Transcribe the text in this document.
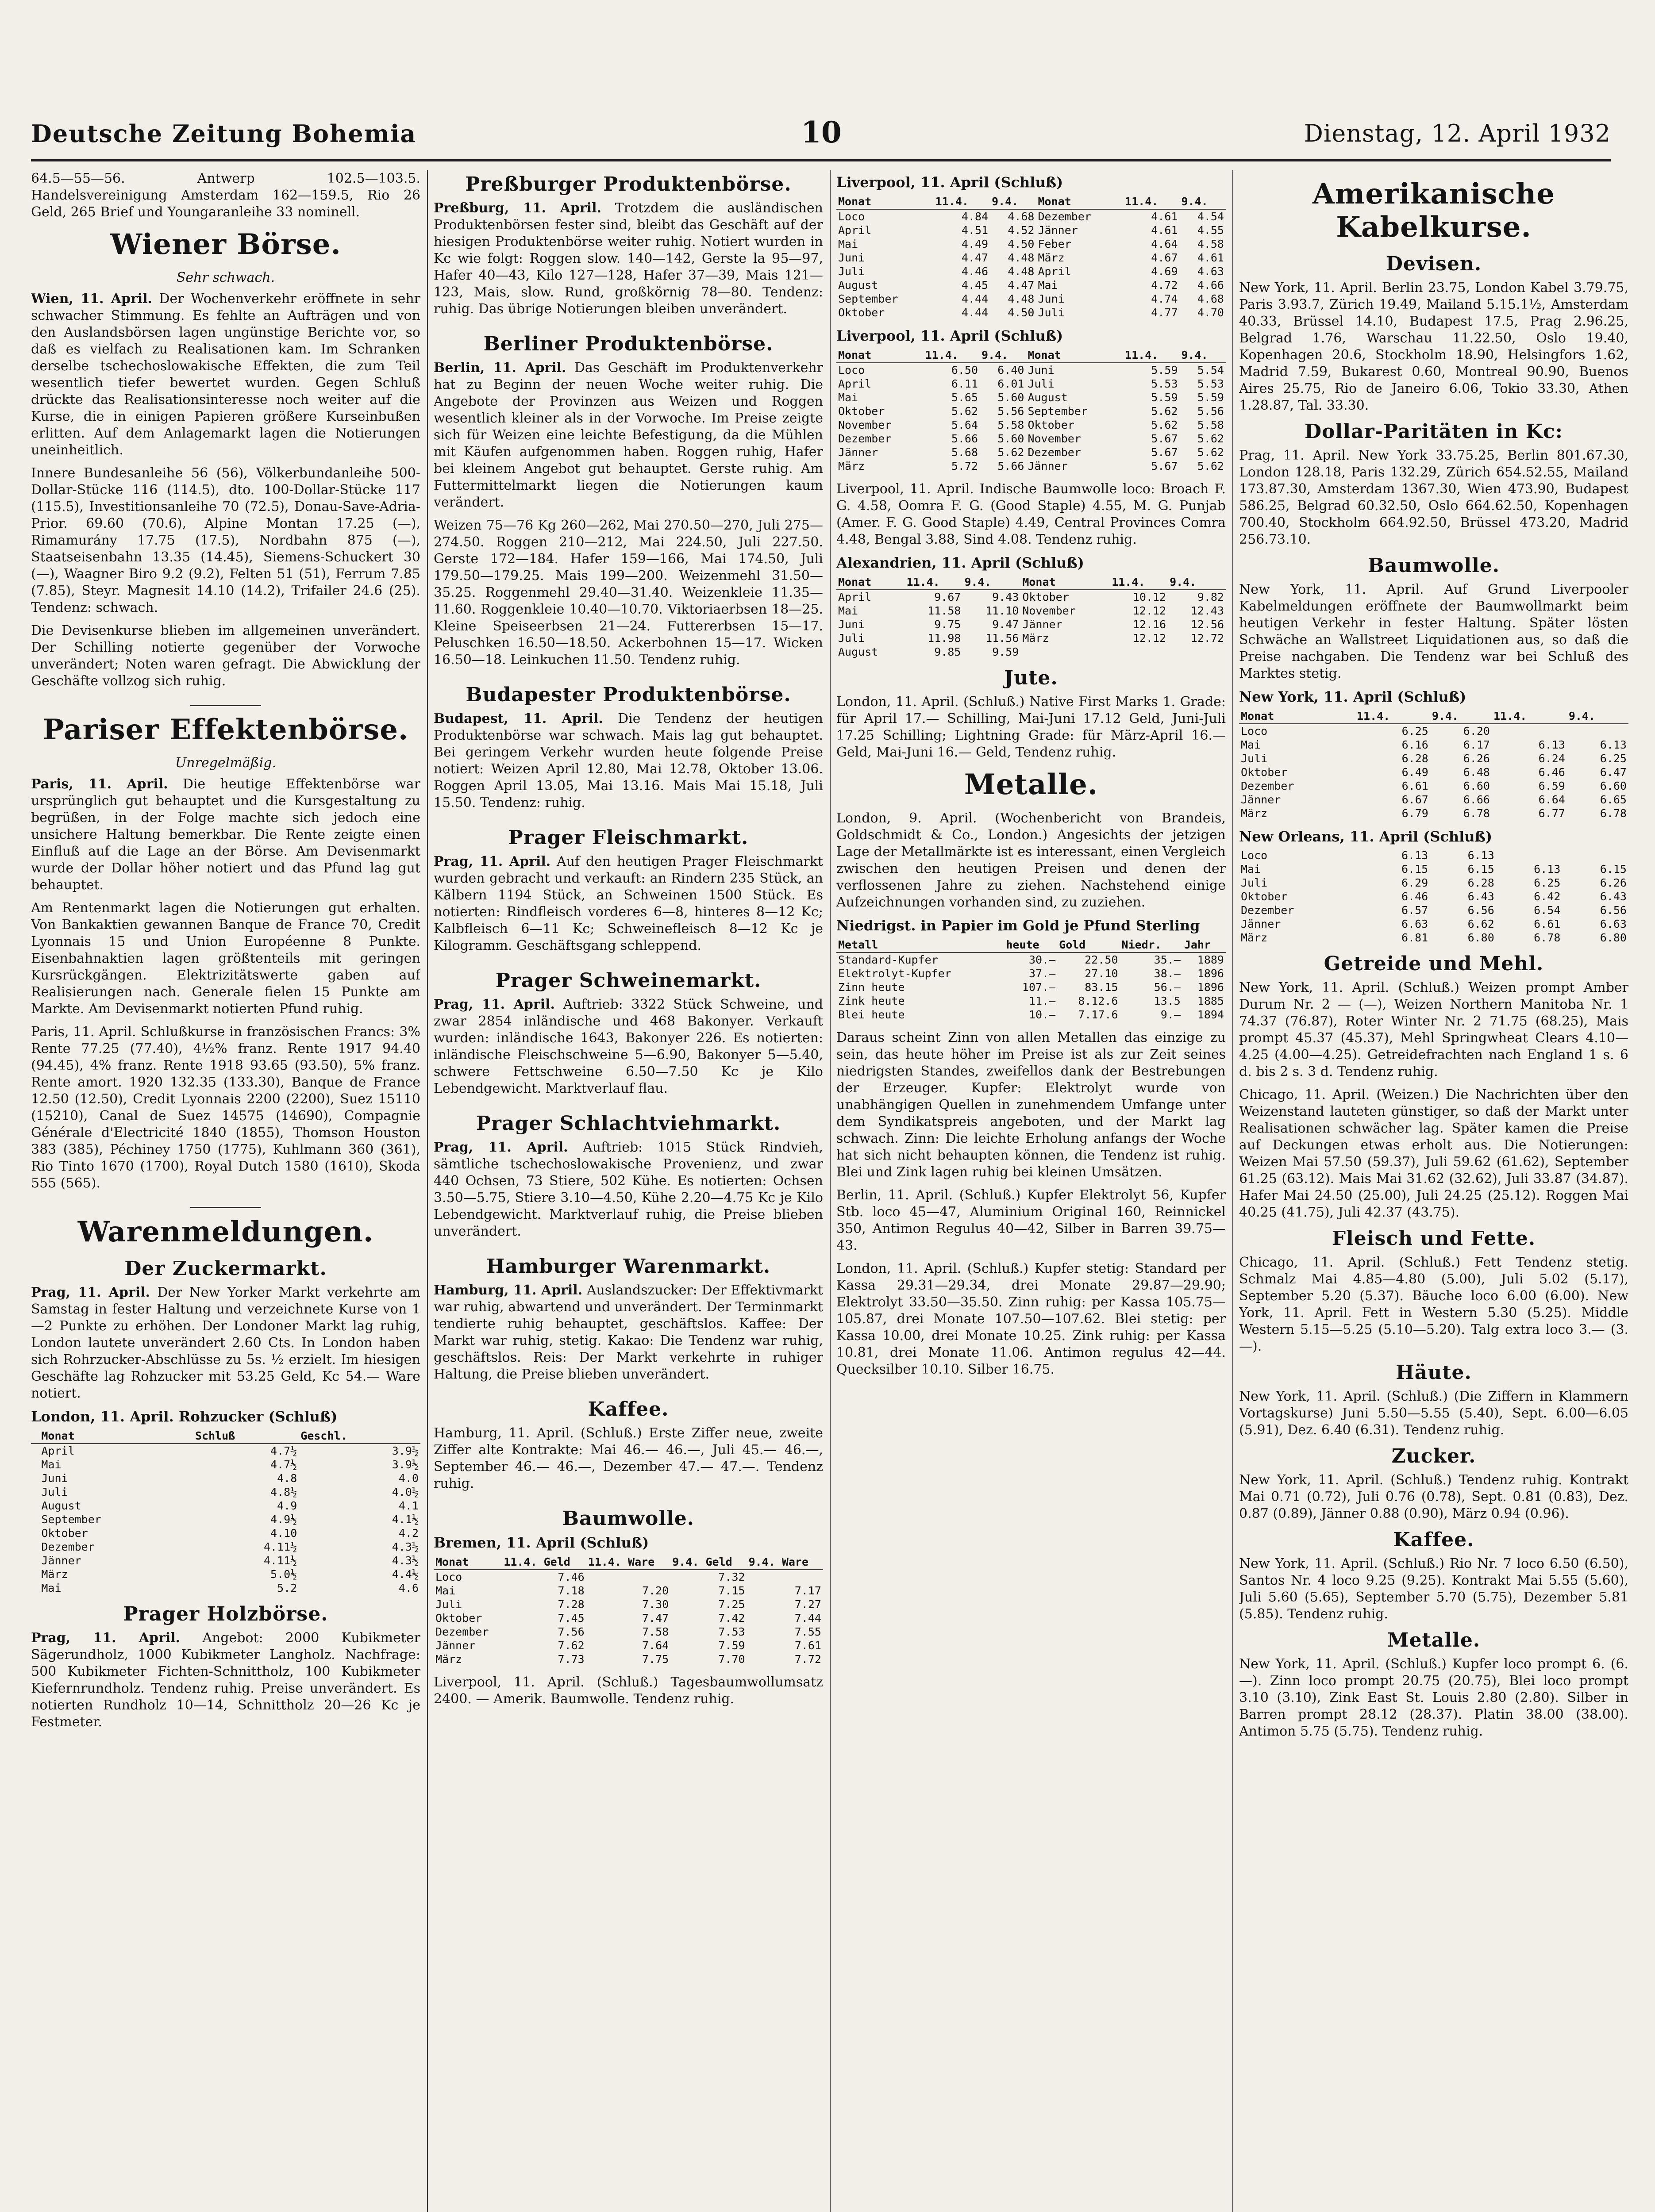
Deutsche Zeitung Bohemia	10	Dienstag, 12. April 1932

64.5—55—56. Antwerp 102.5—103.5. Handelsvereinigung Amsterdam 162—159.5, Rio 26 Geld, 265 Brief und Youngaranleihe 33 nominell.

Wiener Börse.
Sehr schwach.

Wien, 11. April. Der Wochenverkehr eröffnete in sehr schwacher Stimmung. Es fehlte an Aufträgen und von den Auslandsbörsen lagen ungünstige Berichte vor, so daß es vielfach zu Realisationen kam. Im Schranken derselbe tschechoslowakische Effekten, die zum Teil wesentlich tiefer bewertet wurden. Gegen Schluß drückte das Realisationsinteresse noch weiter auf die Kurse, die in einigen Papieren größere Kurseinbußen erlitten. Auf dem Anlagemarkt lagen die Notierungen uneinheitlich.

Innere Bundesanleihe 56 (56), Völkerbundanleihe 500-Dollar-Stücke 116 (114.5), dto. 100-Dollar-Stücke 117 (115.5), Investitionsanleihe 70 (72.5), Donau-Save-Adria-Prior. 69.60 (70.6), Alpine Montan 17.25 (—), Rimamurány 17.75 (17.5), Nordbahn 875 (—), Staatseisenbahn 13.35 (14.45), Siemens-Schuckert 30 (—), Waagner Biro 9.2 (9.2), Felten 51 (51), Ferrum 7.85 (7.85), Steyr. Magnesit 14.10 (14.2), Trifailer 24.6 (25). Tendenz: schwach.

Die Devisenkurse blieben im allgemeinen unverändert. Der Schilling notierte gegenüber der Vorwoche unverändert; Noten waren gefragt. Die Abwicklung der Geschäfte vollzog sich ruhig.

Pariser Effektenbörse.
Unregelmäßig.

Paris, 11. April. Die heutige Effektenbörse war ursprünglich gut behauptet und die Kursgestaltung zu begrüßen, in der Folge machte sich jedoch eine unsichere Haltung bemerkbar. Die Rente zeigte einen Einfluß auf die Lage an der Börse. Am Devisenmarkt wurde der Dollar höher notiert und das Pfund lag gut behauptet.

Am Rentenmarkt lagen die Notierungen gut erhalten. Von Bankaktien gewannen Banque de France 70, Credit Lyonnais 15 und Union Européenne 8 Punkte. Eisenbahnaktien lagen größtenteils mit geringen Kursrückgängen. Elektrizitätswerte gaben auf Realisierungen nach. Generale fielen 15 Punkte am Markte. Am Devisenmarkt notierten Pfund ruhig.

Paris, 11. April. Schlußkurse in französischen Francs: 3% Rente 77.25 (77.40), 4½% franz. Rente 1917 94.40 (94.45), 4% franz. Rente 1918 93.65 (93.50), 5% franz. Rente amort. 1920 132.35 (133.30), Banque de France 12.50 (12.50), Credit Lyonnais 2200 (2200), Suez 15110 (15210), Canal de Suez 14575 (14690), Compagnie Générale d'Electricité 1840 (1855), Thomson Houston 383 (385), Péchiney 1750 (1775), Kuhlmann 360 (361), Rio Tinto 1670 (1700), Royal Dutch 1580 (1610), Skoda 555 (565).

Warenmeldungen.
Der Zuckermarkt.

Prag, 11. April. Der New Yorker Markt verkehrte am Samstag in fester Haltung und verzeichnete Kurse von 1—2 Punkte zu erhöhen. Der Londoner Markt lag ruhig, London lautete unverändert 2.60 Cts. In London haben sich Rohrzucker-Abschlüsse zu 5s. ½ erzielt. Im hiesigen Geschäfte lag Rohzucker mit 53.25 Geld, Kc 54.— Ware notiert.

London, 11. April. Rohzucker (Schluß)
	Monat	Schluß	Geschl.
	April	4.7½	3.9½
	Mai	4.7½	3.9½
	Juni	4.8	4.0
	Juli	4.8½	4.0½
	August	4.9	4.1
	September	4.9½	4.1½
	Oktober	4.10	4.2
	Dezember	4.11½	4.3½
	Jänner	4.11½	4.3½
	März	5.0½	4.4½
	Mai	5.2	4.6
Prager Holzbörse.

Prag, 11. April. Angebot: 2000 Kubikmeter Sägerundholz, 1000 Kubikmeter Langholz. Nachfrage: 500 Kubikmeter Fichten-Schnittholz, 100 Kubikmeter Kiefernrundholz. Tendenz ruhig. Preise unverändert. Es notierten Rundholz 10—14, Schnittholz 20—26 Kc je Festmeter.

Preßburger Produktenbörse.

Preßburg, 11. April. Trotzdem die ausländischen Produktenbörsen fester sind, bleibt das Geschäft auf der hiesigen Produktenbörse weiter ruhig. Notiert wurden in Kc wie folgt: Roggen slow. 140—142, Gerste la 95—97, Hafer 40—43, Kilo 127—128, Hafer 37—39, Mais 121—123, Mais, slow. Rund, großkörnig 78—80. Tendenz: ruhig. Das übrige Notierungen bleiben unverändert.

Berliner Produktenbörse.

Berlin, 11. April. Das Geschäft im Produktenverkehr hat zu Beginn der neuen Woche weiter ruhig. Die Angebote der Provinzen aus Weizen und Roggen wesentlich kleiner als in der Vorwoche. Im Preise zeigte sich für Weizen eine leichte Befestigung, da die Mühlen mit Käufen aufgenommen haben. Roggen ruhig, Hafer bei kleinem Angebot gut behauptet. Gerste ruhig. Am Futtermittelmarkt liegen die Notierungen kaum verändert.

Weizen 75—76 Kg 260—262, Mai 270.50—270, Juli 275—274.50. Roggen 210—212, Mai 224.50, Juli 227.50. Gerste 172—184. Hafer 159—166, Mai 174.50, Juli 179.50—179.25. Mais 199—200. Weizenmehl 31.50—35.25. Roggenmehl 29.40—31.40. Weizenkleie 11.35—11.60. Roggenkleie 10.40—10.70. Viktoriaerbsen 18—25. Kleine Speiseerbsen 21—24. Futtererbsen 15—17. Peluschken 16.50—18.50. Ackerbohnen 15—17. Wicken 16.50—18. Leinkuchen 11.50. Tendenz ruhig.

Budapester Produktenbörse.

Budapest, 11. April. Die Tendenz der heutigen Produktenbörse war schwach. Mais lag gut behauptet. Bei geringem Verkehr wurden heute folgende Preise notiert: Weizen April 12.80, Mai 12.78, Oktober 13.06. Roggen April 13.05, Mai 13.16. Mais Mai 15.18, Juli 15.50. Tendenz: ruhig.

Prager Fleischmarkt.

Prag, 11. April. Auf den heutigen Prager Fleischmarkt wurden gebracht und verkauft: an Rindern 235 Stück, an Kälbern 1194 Stück, an Schweinen 1500 Stück. Es notierten: Rindfleisch vorderes 6—8, hinteres 8—12 Kc; Kalbfleisch 6—11 Kc; Schweinefleisch 8—12 Kc je Kilogramm. Geschäftsgang schleppend.

Prager Schweinemarkt.

Prag, 11. April. Auftrieb: 3322 Stück Schweine, und zwar 2854 inländische und 468 Bakonyer. Verkauft wurden: inländische 1643, Bakonyer 226. Es notierten: inländische Fleischschweine 5—6.90, Bakonyer 5—5.40, schwere Fettschweine 6.50—7.50 Kc je Kilo Lebendgewicht. Marktverlauf flau.

Prager Schlachtviehmarkt.

Prag, 11. April. Auftrieb: 1015 Stück Rindvieh, sämtliche tschechoslowakische Provenienz, und zwar 440 Ochsen, 73 Stiere, 502 Kühe. Es notierten: Ochsen 3.50—5.75, Stiere 3.10—4.50, Kühe 2.20—4.75 Kc je Kilo Lebendgewicht. Marktverlauf ruhig, die Preise blieben unverändert.

Hamburger Warenmarkt.

Hamburg, 11. April. Auslandszucker: Der Effektivmarkt war ruhig, abwartend und unverändert. Der Terminmarkt tendierte ruhig behauptet, geschäftslos. Kaffee: Der Markt war ruhig, stetig. Kakao: Die Tendenz war ruhig, geschäftslos. Reis: Der Markt verkehrte in ruhiger Haltung, die Preise blieben unverändert.

Kaffee.

Hamburg, 11. April. (Schluß.) Erste Ziffer neue, zweite Ziffer alte Kontrakte: Mai 46.— 46.—, Juli 45.— 46.—, September 46.— 46.—, Dezember 47.— 47.—. Tendenz ruhig.

Baumwolle.
Bremen, 11. April (Schluß)
Monat	11.4. Geld	11.4. Ware	9.4. Geld	9.4. Ware
Loco	7.46		7.32	
Mai	7.18	7.20	7.15	7.17
Juli	7.28	7.30	7.25	7.27
Oktober	7.45	7.47	7.42	7.44
Dezember	7.56	7.58	7.53	7.55
Jänner	7.62	7.64	7.59	7.61
März	7.73	7.75	7.70	7.72

Liverpool, 11. April. (Schluß.) Tagesbaumwollumsatz 2400. — Amerik. Baumwolle. Tendenz ruhig.

Liverpool, 11. April (Schluß)
Monat	11.4.	9.4.	Monat	11.4.	9.4.
Loco	4.84	4.68	Dezember	4.61	4.54
April	4.51	4.52	Jänner	4.61	4.55
Mai	4.49	4.50	Feber	4.64	4.58
Juni	4.47	4.48	März	4.67	4.61
Juli	4.46	4.48	April	4.69	4.63
August	4.45	4.47	Mai	4.72	4.66
September	4.44	4.48	Juni	4.74	4.68
Oktober	4.44	4.50	Juli	4.77	4.70
Liverpool, 11. April (Schluß)
Monat	11.4.	9.4.	Monat	11.4.	9.4.
Loco	6.50	6.40	Juni	5.59	5.54
April	6.11	6.01	Juli	5.53	5.53
Mai	5.65	5.60	August	5.59	5.59
Oktober	5.62	5.56	September	5.62	5.56
November	5.64	5.58	Oktober	5.62	5.58
Dezember	5.66	5.60	November	5.67	5.62
Jänner	5.68	5.62	Dezember	5.67	5.62
März	5.72	5.66	Jänner	5.67	5.62

Liverpool, 11. April. Indische Baumwolle loco: Broach F. G. 4.58, Oomra F. G. (Good Staple) 4.55, M. G. Punjab (Amer. F. G. Good Staple) 4.49, Central Provinces Comra 4.48, Bengal 3.88, Sind 4.08. Tendenz ruhig.

Alexandrien, 11. April (Schluß)
Monat	11.4.	9.4.	Monat	11.4.	9.4.
April	9.67	9.43	Oktober	10.12	9.82
Mai	11.58	11.10	November	12.12	12.43
Juni	9.75	9.47	Jänner	12.16	12.56
Juli	11.98	11.56	März	12.12	12.72
August	9.85	9.59			
Jute.

London, 11. April. (Schluß.) Native First Marks 1. Grade: für April 17.— Schilling, Mai-Juni 17.12 Geld, Juni-Juli 17.25 Schilling; Lightning Grade: für März-April 16.— Geld, Mai-Juni 16.— Geld, Tendenz ruhig.

Metalle.

London, 9. April. (Wochenbericht von Brandeis, Goldschmidt & Co., London.) Angesichts der jetzigen Lage der Metallmärkte ist es interessant, einen Vergleich zwischen den heutigen Preisen und denen der verflossenen Jahre zu ziehen. Nachstehend einige Aufzeichnungen vorhanden sind, zu zuziehen.

Niedrigst. in Papier im Gold je Pfund Sterling
Metall	heute	Gold	Niedr.	Jahr
Standard-Kupfer	30.—	22.50	35.—	1889
Elektrolyt-Kupfer	37.—	27.10	38.—	1896
Zinn heute	107.—	83.15	56.—	1896
Zink heute	11.—	8.12.6	13.5	1885
Blei heute	10.—	7.17.6	9.—	1894

Daraus scheint Zinn von allen Metallen das einzige zu sein, das heute höher im Preise ist als zur Zeit seines niedrigsten Standes, zweifellos dank der Bestrebungen der Erzeuger. Kupfer: Elektrolyt wurde von unabhängigen Quellen in zunehmendem Umfange unter dem Syndikatspreis angeboten, und der Markt lag schwach. Zinn: Die leichte Erholung anfangs der Woche hat sich nicht behaupten können, die Tendenz ist ruhig. Blei und Zink lagen ruhig bei kleinen Umsätzen.

Berlin, 11. April. (Schluß.) Kupfer Elektrolyt 56, Kupfer Stb. loco 45—47, Aluminium Original 160, Reinnickel 350, Antimon Regulus 40—42, Silber in Barren 39.75—43.

London, 11. April. (Schluß.) Kupfer stetig: Standard per Kassa 29.31—29.34, drei Monate 29.87—29.90; Elektrolyt 33.50—35.50. Zinn ruhig: per Kassa 105.75—105.87, drei Monate 107.50—107.62. Blei stetig: per Kassa 10.00, drei Monate 10.25. Zink ruhig: per Kassa 10.81, drei Monate 11.06. Antimon regulus 42—44. Quecksilber 10.10. Silber 16.75.

Amerikanische Kabelkurse.
Devisen.

New York, 11. April. Berlin 23.75, London Kabel 3.79.75, Paris 3.93.7, Zürich 19.49, Mailand 5.15.1½, Amsterdam 40.33, Brüssel 14.10, Budapest 17.5, Prag 2.96.25, Belgrad 1.76, Warschau 11.22.50, Oslo 19.40, Kopenhagen 20.6, Stockholm 18.90, Helsingfors 1.62, Madrid 7.59, Bukarest 0.60, Montreal 90.90, Buenos Aires 25.75, Rio de Janeiro 6.06, Tokio 33.30, Athen 1.28.87, Tal. 33.30.

Dollar-Paritäten in Kc:

Prag, 11. April. New York 33.75.25, Berlin 801.67.30, London 128.18, Paris 132.29, Zürich 654.52.55, Mailand 173.87.30, Amsterdam 1367.30, Wien 473.90, Budapest 586.25, Belgrad 60.32.50, Oslo 664.62.50, Kopenhagen 700.40, Stockholm 664.92.50, Brüssel 473.20, Madrid 256.73.10.

Baumwolle.

New York, 11. April. Auf Grund Liverpooler Kabelmeldungen eröffnete der Baumwollmarkt beim heutigen Verkehr in fester Haltung. Später lösten Schwäche an Wallstreet Liquidationen aus, so daß die Preise nachgaben. Die Tendenz war bei Schluß des Marktes stetig.

New York, 11. April (Schluß)
Monat	11.4.	9.4.	11.4.	9.4.
Loco	6.25	6.20		
Mai	6.16	6.17	6.13	6.13
Juli	6.28	6.26	6.24	6.25
Oktober	6.49	6.48	6.46	6.47
Dezember	6.61	6.60	6.59	6.60
Jänner	6.67	6.66	6.64	6.65
März	6.79	6.78	6.77	6.78
New Orleans, 11. April (Schluß)
Loco	6.13	6.13		
Mai	6.15	6.15	6.13	6.15
Juli	6.29	6.28	6.25	6.26
Oktober	6.46	6.43	6.42	6.43
Dezember	6.57	6.56	6.54	6.56
Jänner	6.63	6.62	6.61	6.63
März	6.81	6.80	6.78	6.80
Getreide und Mehl.

New York, 11. April. (Schluß.) Weizen prompt Amber Durum Nr. 2 — (—), Weizen Northern Manitoba Nr. 1 74.37 (76.87), Roter Winter Nr. 2 71.75 (68.25), Mais prompt 45.37 (45.37), Mehl Springwheat Clears 4.10—4.25 (4.00—4.25). Getreidefrachten nach England 1 s. 6 d. bis 2 s. 3 d. Tendenz ruhig.

Chicago, 11. April. (Weizen.) Die Nachrichten über den Weizenstand lauteten günstiger, so daß der Markt unter Realisationen schwächer lag. Später kamen die Preise auf Deckungen etwas erholt aus. Die Notierungen: Weizen Mai 57.50 (59.37), Juli 59.62 (61.62), September 61.25 (63.12). Mais Mai 31.62 (32.62), Juli 33.87 (34.87). Hafer Mai 24.50 (25.00), Juli 24.25 (25.12). Roggen Mai 40.25 (41.75), Juli 42.37 (43.75).

Fleisch und Fette.

Chicago, 11. April. (Schluß.) Fett Tendenz stetig. Schmalz Mai 4.85—4.80 (5.00), Juli 5.02 (5.17), September 5.20 (5.37). Bäuche loco 6.00 (6.00). New York, 11. April. Fett in Western 5.30 (5.25). Middle Western 5.15—5.25 (5.10—5.20). Talg extra loco 3.— (3.—).

Häute.

New York, 11. April. (Schluß.) (Die Ziffern in Klammern Vortagskurse) Juni 5.50—5.55 (5.40), Sept. 6.00—6.05 (5.91), Dez. 6.40 (6.31). Tendenz ruhig.

Zucker.

New York, 11. April. (Schluß.) Tendenz ruhig. Kontrakt Mai 0.71 (0.72), Juli 0.76 (0.78), Sept. 0.81 (0.83), Dez. 0.87 (0.89), Jänner 0.88 (0.90), März 0.94 (0.96).

Kaffee.

New York, 11. April. (Schluß.) Rio Nr. 7 loco 6.50 (6.50), Santos Nr. 4 loco 9.25 (9.25). Kontrakt Mai 5.55 (5.60), Juli 5.60 (5.65), September 5.70 (5.75), Dezember 5.81 (5.85). Tendenz ruhig.

Metalle.

New York, 11. April. (Schluß.) Kupfer loco prompt 6. (6.—). Zinn loco prompt 20.75 (20.75), Blei loco prompt 3.10 (3.10), Zink East St. Louis 2.80 (2.80). Silber in Barren prompt 28.12 (28.37). Platin 38.00 (38.00). Antimon 5.75 (5.75). Tendenz ruhig.
